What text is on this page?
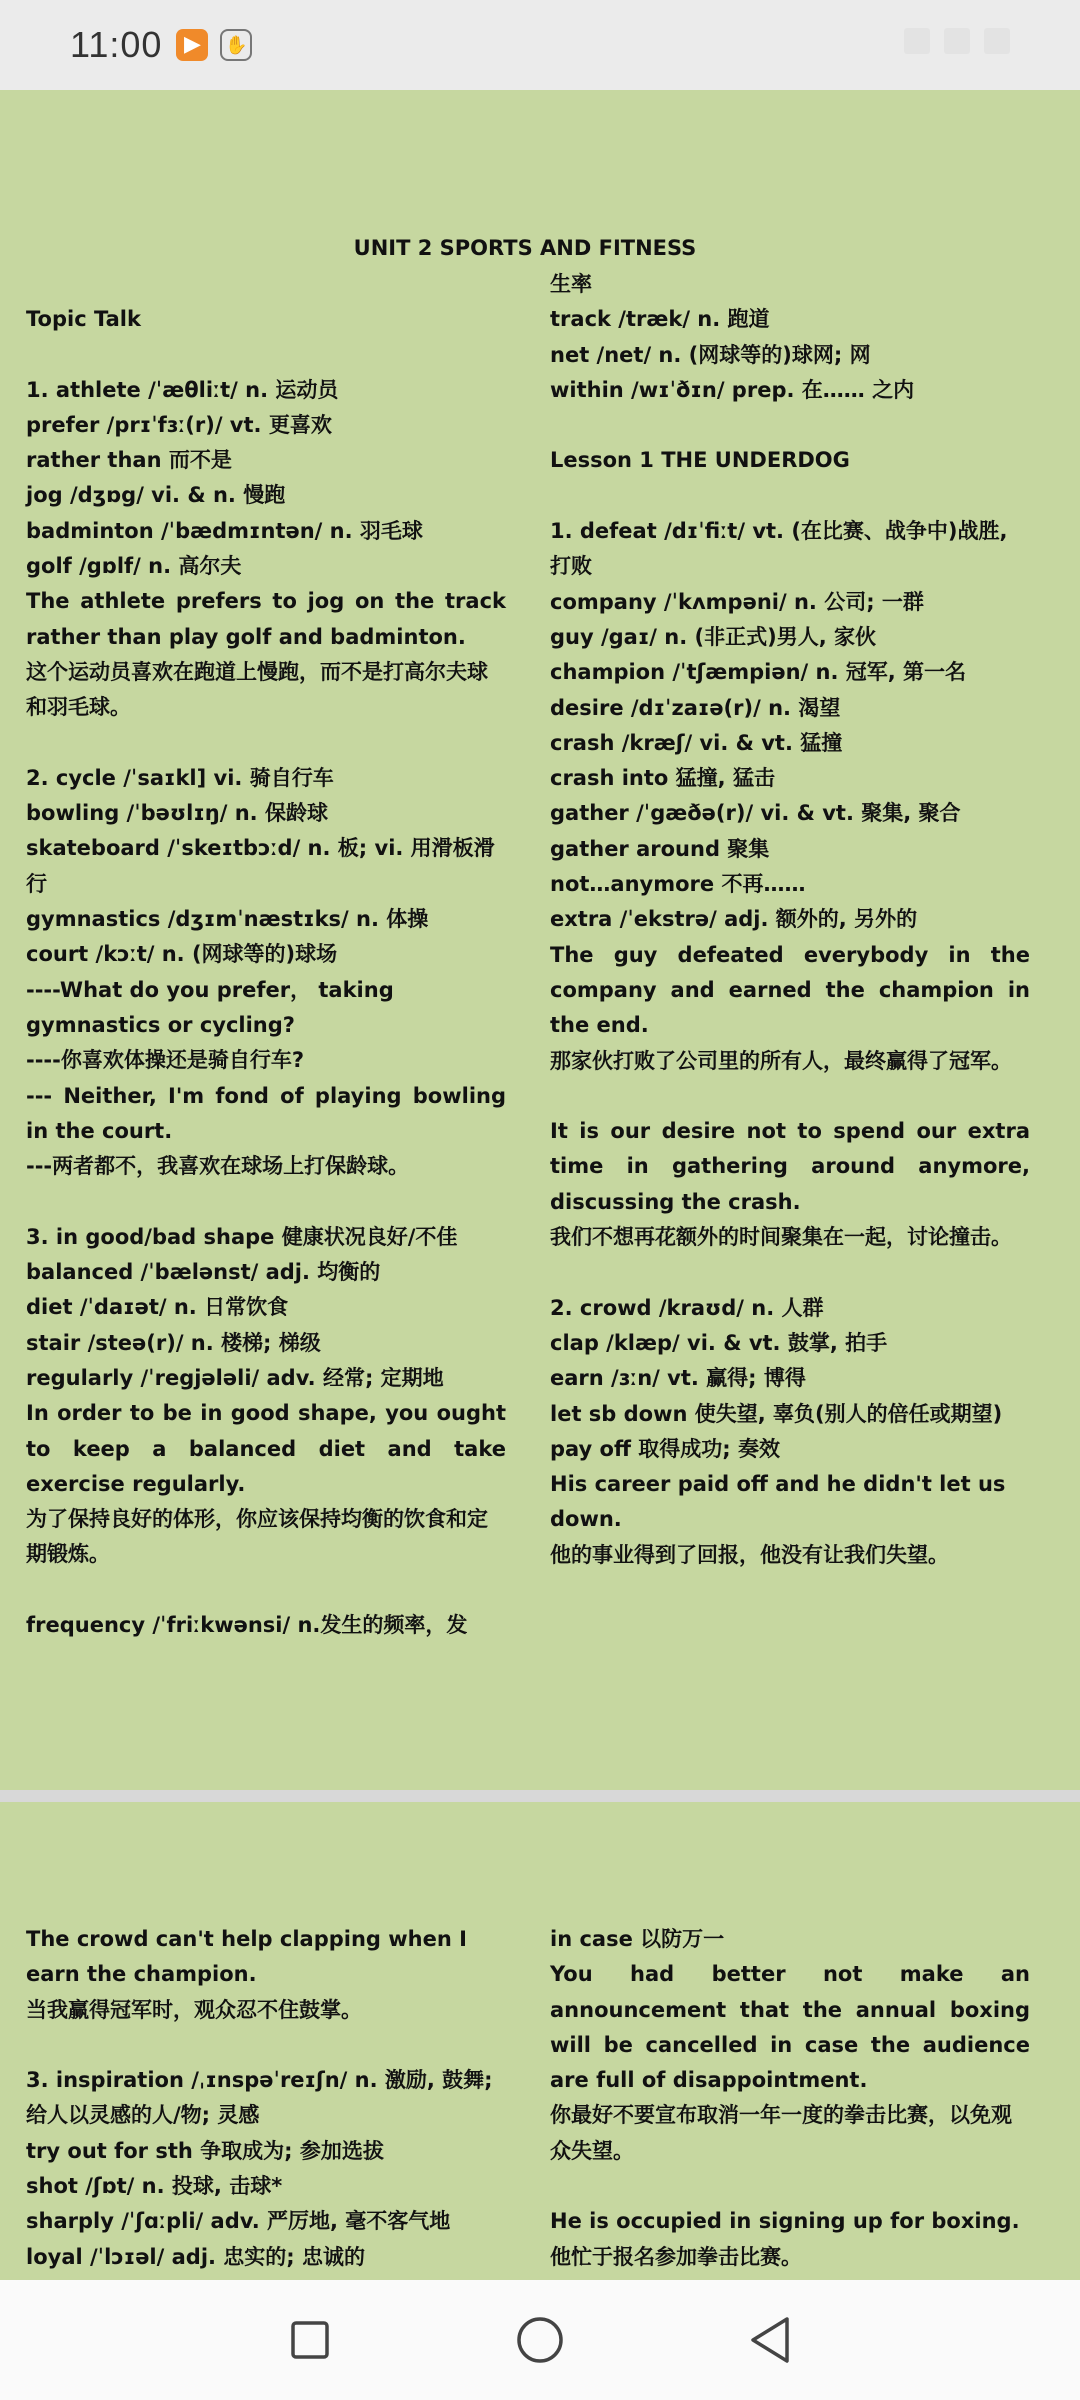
11:00 ▶	✋
UNIT 2 SPORTS AND FITNESS
Topic Talk
1. athlete /ˈæθliːt/ n. 运动员
prefer /prɪˈfɜː(r)/ vt. 更喜欢
rather than 而不是
jog /dʒɒg/ vi. & n. 慢跑
badminton /ˈbædmɪntən/ n. 羽毛球
golf /gɒlf/ n. 高尔夫
The athlete prefers to jog on the track rather than play golf and badminton.
这个运动员喜欢在跑道上慢跑，而不是打高尔夫球和羽毛球。
2. cycle /ˈsaɪkl] vi. 骑自行车
bowling /ˈbəʊlɪŋ/ n. 保龄球
skateboard /ˈskeɪtbɔːd/ n. 板; vi. 用滑板滑行
gymnastics /dʒɪmˈnæstɪks/ n. 体操
court /kɔːt/ n. (网球等的)球场
----What do you prefer， taking gymnastics or cycling?
----你喜欢体操还是骑自行车?
--- Neither, I'm fond of playing bowling in the court.
---两者都不，我喜欢在球场上打保龄球。
3. in good/bad shape 健康状况良好/不佳
balanced /ˈbælənst/ adj. 均衡的
diet /ˈdaɪət/ n. 日常饮食
stair /steə(r)/ n. 楼梯; 梯级
regularly /ˈregjələli/ adv. 经常; 定期地
In order to be in good shape, you ought to keep a balanced diet and take exercise regularly.
为了保持良好的体形，你应该保持均衡的饮食和定期锻炼。
frequency /ˈfriːkwənsi/ n.发生的频率，发
生率
track /træk/ n. 跑道
net /net/ n. (网球等的)球网; 网
within /wɪˈðɪn/ prep. 在…… 之内
Lesson 1 THE UNDERDOG
1. defeat /dɪˈfiːt/ vt. (在比赛、战争中)战胜, 打败
company /ˈkʌmpəni/ n. 公司; 一群
guy /gaɪ/ n. (非正式)男人, 家伙
champion /ˈtʃæmpiən/ n. 冠军, 第一名
desire /dɪˈzaɪə(r)/ n. 渴望
crash /kræʃ/ vi. & vt. 猛撞
crash into 猛撞, 猛击
gather /ˈgæðə(r)/ vi. & vt. 聚集, 聚合
gather around 聚集
not…anymore 不再……
extra /ˈekstrə/ adj. 额外的, 另外的
The guy defeated everybody in the company and earned the champion in the end.
那家伙打败了公司里的所有人，最终赢得了冠军。
It is our desire not to spend our extra time in gathering around anymore, discussing the crash.
我们不想再花额外的时间聚集在一起，讨论撞击。
2. crowd /kraʊd/ n. 人群
clap /klæp/ vi. & vt. 鼓掌, 拍手
earn /ɜːn/ vt. 赢得; 博得
let sb down 使失望, 辜负(别人的倍任或期望)
pay off 取得成功; 奏效
His career paid off and he didn't let us down.
他的事业得到了回报，他没有让我们失望。
The crowd can't help clapping when I earn the champion.
当我赢得冠军时，观众忍不住鼓掌。
3. inspiration /ˌɪnspəˈreɪʃn/ n. 激励, 鼓舞; 给人以灵感的人/物; 灵感
try out for sth 争取成为; 参加选拔
shot /ʃɒt/ n. 投球, 击球*
sharply /ˈʃɑːpli/ adv. 严厉地, 毫不客气地
loyal /ˈlɔɪəl/ adj. 忠实的; 忠诚的
in case 以防万一
You had better not make an announcement that the annual boxing will be cancelled in case the audience are full of disappointment.
你最好不要宣布取消一年一度的拳击比赛，以免观众失望。
He is occupied in signing up for boxing.
他忙于报名参加拳击比赛。
